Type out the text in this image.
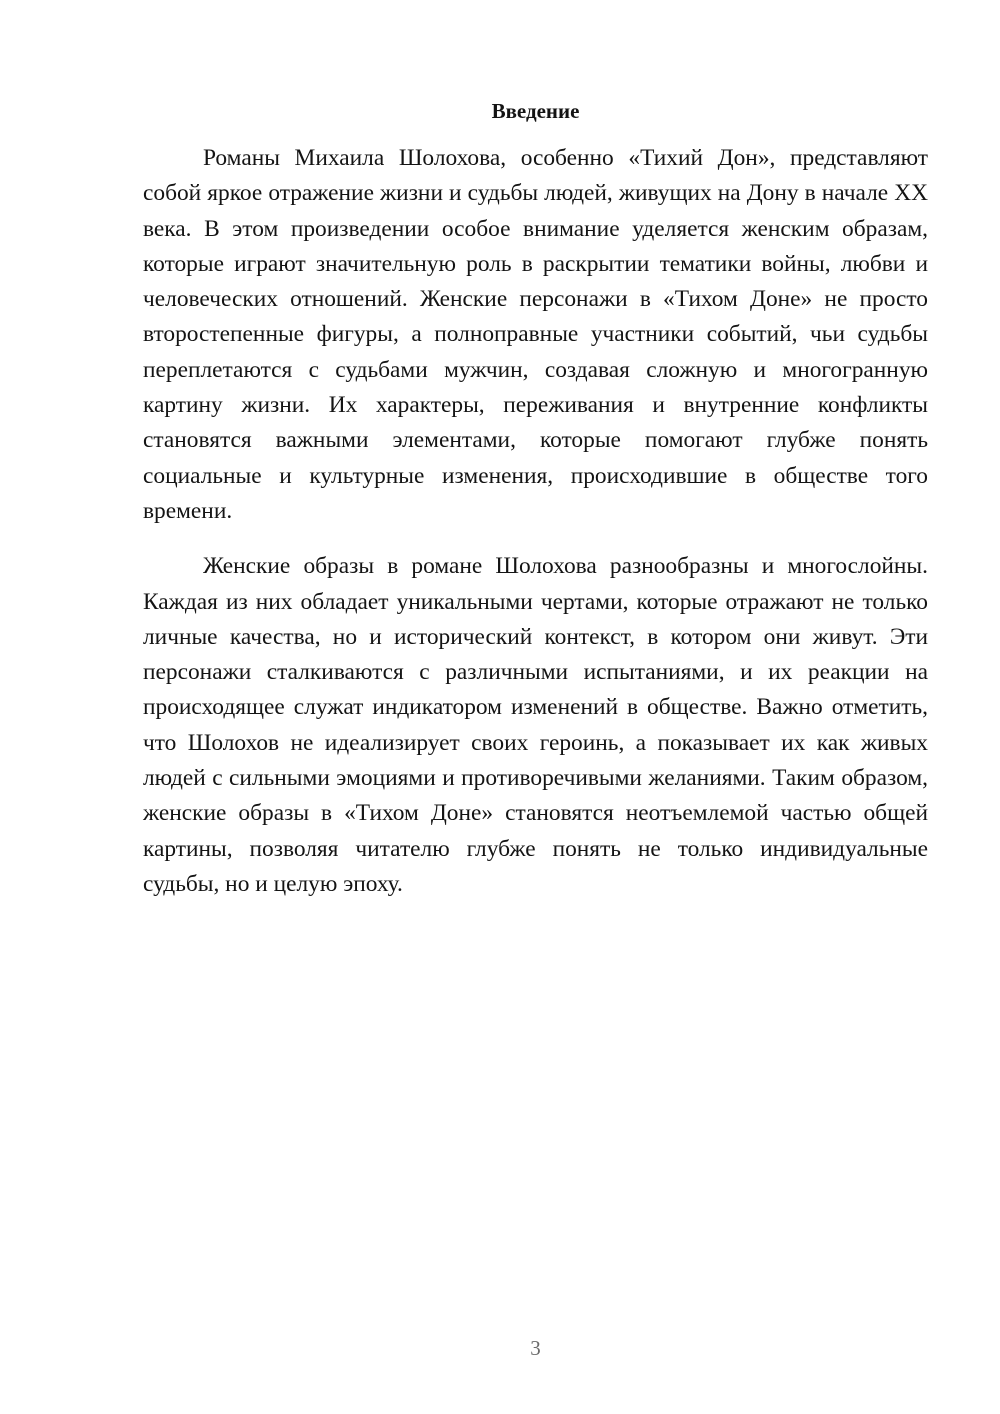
Введение

Романы Михаила Шолохова, особенно «Тихий Дон», представляют собой яркое отражение жизни и судьбы людей, живущих на Дону в начале XX века. В этом произведении особое внимание уделяется женским образам, которые играют значительную роль в раскрытии тематики войны, любви и человеческих отношений. Женские персонажи в «Тихом Доне» не просто второстепенные фигуры, а полноправные участники событий, чьи судьбы переплетаются с судьбами мужчин, создавая сложную и многогранную картину жизни. Их характеры, переживания и внутренние конфликты становятся важными элементами, которые помогают глубже понять социальные и культурные изменения, происходившие в обществе того времени.

Женские образы в романе Шолохова разнообразны и многослойны. Каждая из них обладает уникальными чертами, которые отражают не только личные качества, но и исторический контекст, в котором они живут. Эти персонажи сталкиваются с различными испытаниями, и их реакции на происходящее служат индикатором изменений в обществе. Важно отметить, что Шолохов не идеализирует своих героинь, а показывает их как живых людей с сильными эмоциями и противоречивыми желаниями. Таким образом, женские образы в «Тихом Доне» становятся неотъемлемой частью общей картины, позволяя читателю глубже понять не только индивидуальные судьбы, но и целую эпоху.

3
